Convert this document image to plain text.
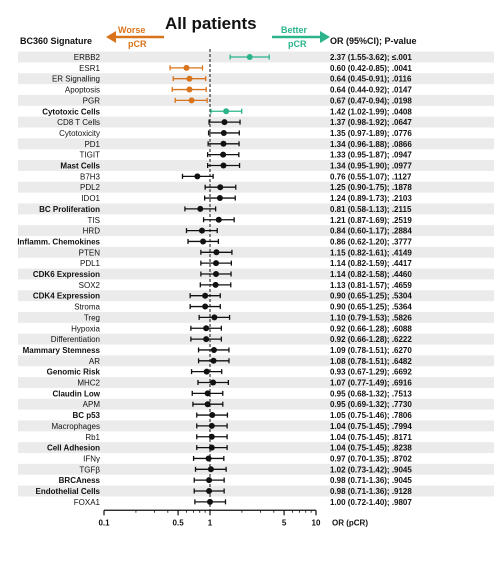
ERBB2	2.37 (1.55-3.62); ≤.001
ESR1	0.60 (0.42-0.85); .0041
ER Signalling	0.64 (0.45-0.91); .0116
Apoptosis	0.64 (0.44-0.92); .0147
PGR	0.67 (0.47-0.94); .0198
Cytotoxic Cells	1.42 (1.02-1.99); .0408
CD8 T Cells	1.37 (0.98-1.92); .0647
Cytotoxicity	1.35 (0.97-1.89); .0776
PD1	1.34 (0.96-1.88); .0866
TIGIT	1.33 (0.95-1.87); .0947
Mast Cells	1.34 (0.95-1.90); .0977
B7H3	0.76 (0.55-1.07); .1127
PDL2	1.25 (0.90-1.75); .1878
IDO1	1.24 (0.89-1.73); .2103
BC Proliferation	0.81 (0.58-1.13); .2115
TIS	1.21 (0.87-1.69); .2519
HRD	0.84 (0.60-1.17); .2884
Inflamm. Chemokines	0.86 (0.62-1.20); .3777
PTEN	1.15 (0.82-1.61); .4149
PDL1	1.14 (0.82-1.59); .4417
CDK6 Expression	1.14 (0.82-1.58); .4460
SOX2	1.13 (0.81-1.57); .4659
CDK4 Expression	0.90 (0.65-1.25); .5304
Stroma	0.90 (0.65-1.25); .5364
Treg	1.10 (0.79-1.53); .5826
Hypoxia	0.92 (0.66-1.28); .6088
Differentiation	0.92 (0.66-1.28); .6222
Mammary Stemness	1.09 (0.78-1.51); .6270
AR	1.08 (0.78-1.51); .6482
Genomic Risk	0.93 (0.67-1.29); .6692
MHC2	1.07 (0.77-1.49); .6916
Claudin Low	0.95 (0.68-1.32); .7513
APM	0.95 (0.69-1.32); .7730
BC p53	1.05 (0.75-1.46); .7806
Macrophages	1.04 (0.75-1.45); .7994
Rb1	1.04 (0.75-1.45); .8171
Cell Adhesion	1.04 (0.75-1.45); .8238
IFNγ	0.97 (0.70-1.35); .8702
TGFβ	1.02 (0.73-1.42); .9045
BRCAness	0.98 (0.71-1.36); .9045
Endothelial Cells	0.98 (0.71-1.36); .9128
FOXA1	1.00 (0.72-1.40); .9807
0.1	0.5	1	5	10 OR (pCR)
All patients
BC360 Signature	OR (95%CI); P-value
Worse
pCR
Better
pCR
